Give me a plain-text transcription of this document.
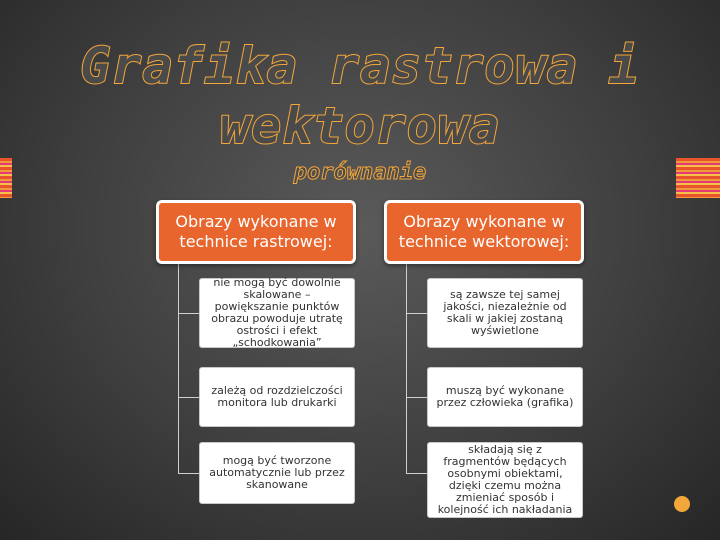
Grafika rastrowa i wektorowa
porównanie
Obrazy wykonane w technice rastrowej:
Obrazy wykonane w technice wektorowej:
nie mogą być dowolnie skalowane – powiększanie punktów obrazu powoduje utratę ostrości i efekt „schodkowania”
zależą od rozdzielczości monitora lub drukarki
mogą być tworzone automatycznie lub przez skanowane
są zawsze tej samej jakości, niezależnie od skali w jakiej zostaną wyświetlone
muszą być wykonane przez człowieka (grafika)
składają się z fragmentów będących osobnymi obiektami, dzięki czemu można zmieniać sposób i kolejność ich nakładania
